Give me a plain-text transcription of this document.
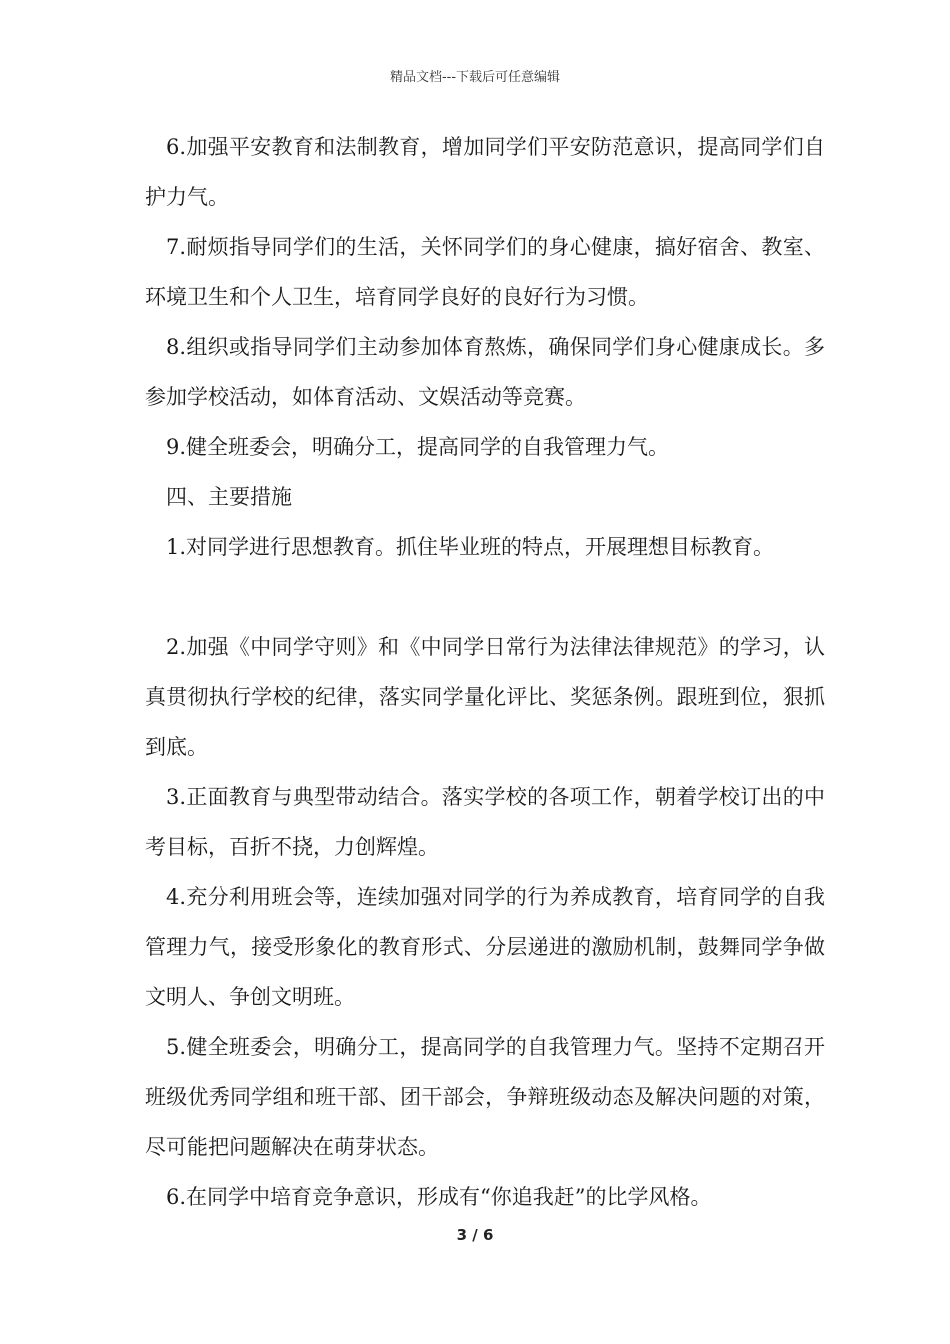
精品文档---下载后可任意编辑

6.加强平安教育和法制教育，增加同学们平安防范意识，提高同学们自护力气。

7.耐烦指导同学们的生活，关怀同学们的身心健康，搞好宿舍、教室、环境卫生和个人卫生，培育同学良好的良好行为习惯。

8.组织或指导同学们主动参加体育熬炼，确保同学们身心健康成长。多参加学校活动，如体育活动、文娱活动等竞赛。

9.健全班委会，明确分工，提高同学的自我管理力气。

四、主要措施

1.对同学进行思想教育。抓住毕业班的特点，开展理想目标教育。

2.加强《中同学守则》和《中同学日常行为法律法律规范》的学习，认真贯彻执行学校的纪律，落实同学量化评比、奖惩条例。跟班到位，狠抓到底。

3.正面教育与典型带动结合。落实学校的各项工作，朝着学校订出的中考目标，百折不挠，力创辉煌。

4.充分利用班会等，连续加强对同学的行为养成教育，培育同学的自我管理力气，接受形象化的教育形式、分层递进的激励机制，鼓舞同学争做文明人、争创文明班。

5.健全班委会，明确分工，提高同学的自我管理力气。坚持不定期召开班级优秀同学组和班干部、团干部会，争辩班级动态及解决问题的对策，尽可能把问题解决在萌芽状态。

6.在同学中培育竞争意识，形成有“你追我赶”的比学风格。

3 / 6
